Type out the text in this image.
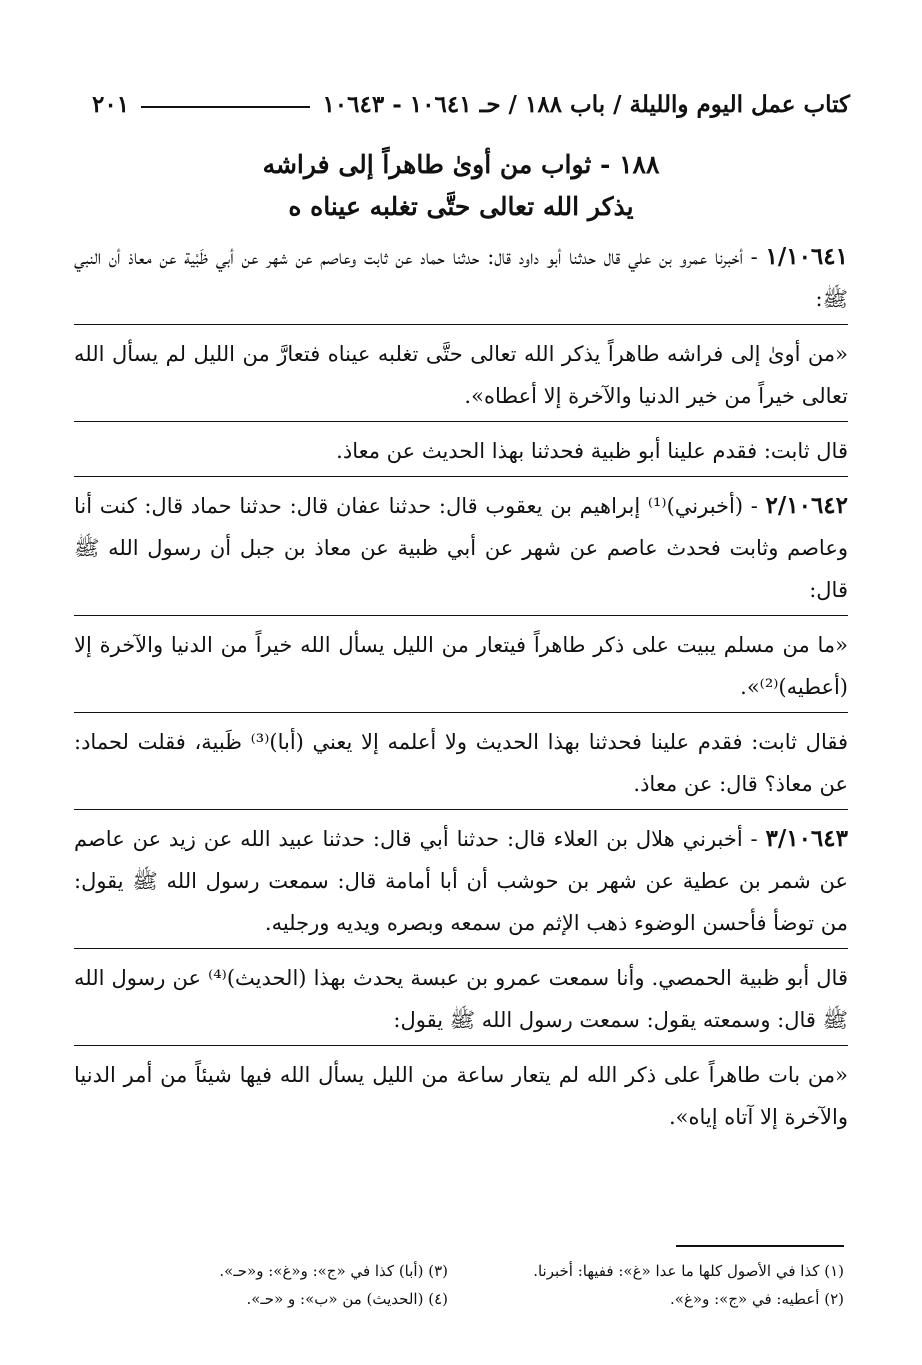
كتاب عمل اليوم والليلة / باب ١٨٨ / حـ ١٠٦٤١ - ١٠٦٤٣
٢٠١
١٨٨ - ثواب من أوىٰ طاهراً إلى فراشه
يذكر الله تعالى حتَّى تغلبه عيناه ه

١/١٠٦٤١ - أخبرنا عمرو بن علي قال حدثنا أبو داود قال: حدثنا حماد عن ثابت وعاصم عن شهر عن أبي ظَبْية عن معاذ أن النبي ﷺ:

«من أوىٰ إلى فراشه طاهراً يذكر الله تعالى حتَّى تغلبه عيناه فتعارَّ من الليل لم يسأل الله تعالى خيراً من خير الدنيا والآخرة إلا أعطاه».

قال ثابت: فقدم علينا أبو ظبية فحدثنا بهذا الحديث عن معاذ.

٢/١٠٦٤٢ - (أخبرني)⁽¹⁾ إبراهيم بن يعقوب قال: حدثنا عفان قال: حدثنا حماد قال: كنت أنا وعاصم وثابت فحدث عاصم عن شهر عن أبي ظبية عن معاذ بن جبل أن رسول الله ﷺ قال:

«ما من مسلم يبيت على ذكر طاهراً فيتعار من الليل يسأل الله خيراً من الدنيا والآخرة إلا (أعطيه)⁽²⁾».

فقال ثابت: فقدم علينا فحدثنا بهذا الحديث ولا أعلمه إلا يعني (أبا)⁽³⁾ ظَبية، فقلت لحماد: عن معاذ؟ قال: عن معاذ.

٣/١٠٦٤٣ - أخبرني هلال بن العلاء قال: حدثنا أبي قال: حدثنا عبيد الله عن زيد عن عاصم عن شمر بن عطية عن شهر بن حوشب أن أبا أمامة قال: سمعت رسول الله ﷺ يقول: من توضأ فأحسن الوضوء ذهب الإثم من سمعه وبصره ويديه ورجليه.

قال أبو ظبية الحمصي. وأنا سمعت عمرو بن عبسة يحدث بهذا (الحديث)⁽⁴⁾ عن رسول الله ﷺ قال: وسمعته يقول: سمعت رسول الله ﷺ يقول:

«من بات طاهراً على ذكر الله لم يتعار ساعة من الليل يسأل الله فيها شيئاً من أمر الدنيا والآخرة إلا آتاه إياه».

(١) كذا في الأصول كلها ما عدا «غ»: ففيها: أخبرنا.
(٣) (أبا) كذا في «ج»: و«غ»: و«حـ».
(٢) أعطيه: في «ج»: و«غ».
(٤) (الحديث) من «ب»: و «حـ».
